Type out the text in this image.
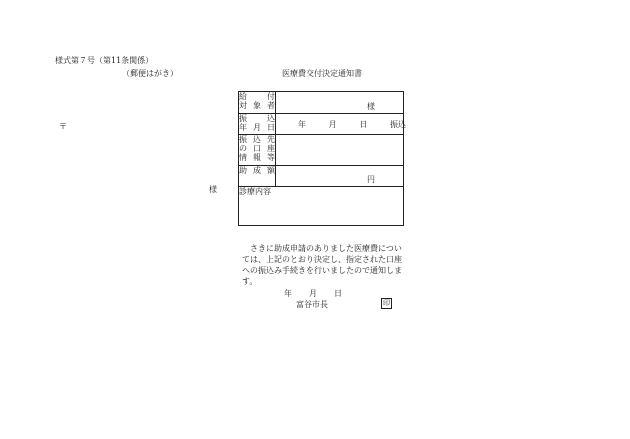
様式第７号（第11条関係）
（郵便はがき）	医療費交付決定通知書
〒
様
給　付
対象者	様

振　込
年月日	年 月 日 振込

振込先
の口座
情報等	

助成額	円

診療内容	
　さきに助成申請のありました医療費については、上記のとおり決定し、指定された口座への振込み手続きを行いましたので通知します。
年 月 日
富谷市長	印
